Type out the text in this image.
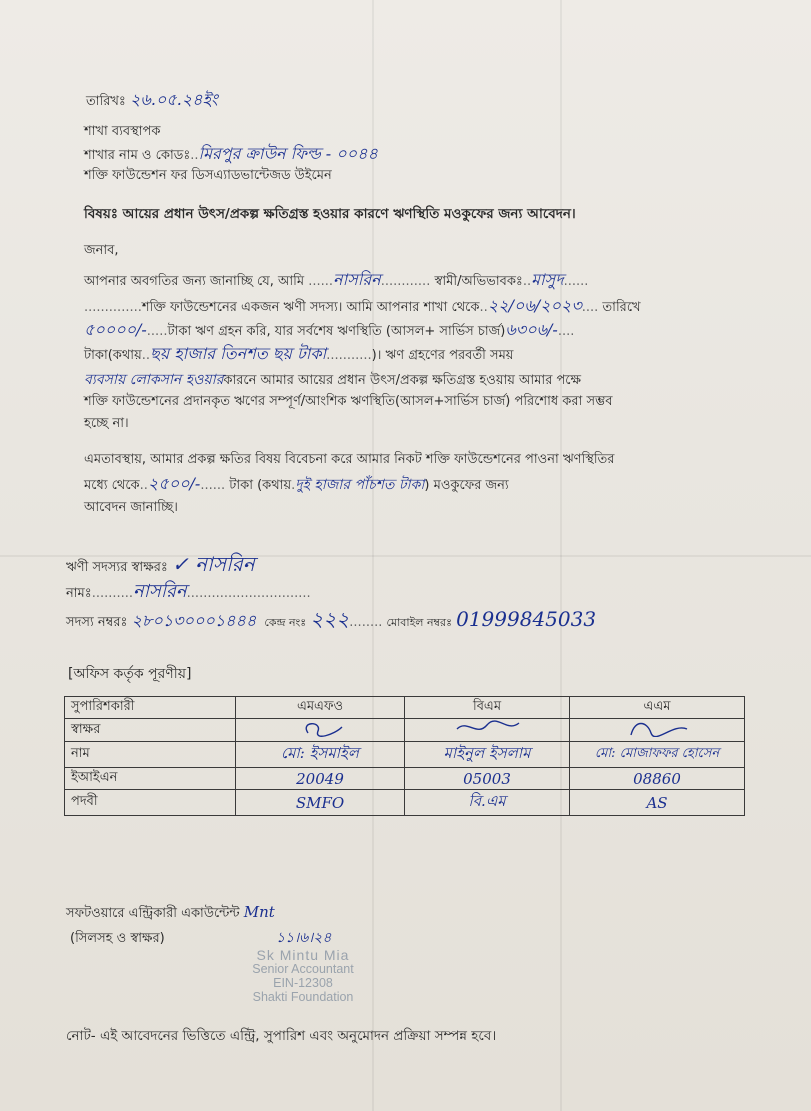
তারিখঃ ২৬.০৫.২৪ইং
শাখা ব্যবস্থাপক
শাখার নাম ও কোডঃ..মিরপুর ক্রাউন ফিল্ড - ০০৪৪
শক্তি ফাউন্ডেশন ফর ডিসএ্যাডভান্টেজড উইমেন
বিষয়ঃ আয়ের প্রধান উৎস/প্রকল্প ক্ষতিগ্রস্ত হওয়ার কারণে ঋণস্থিতি মওকুফের জন্য আবেদন।
জনাব,
আপনার অবগতির জন্য জানাচ্ছি যে, আমি ......নাসরিন............ স্বামী/অভিভাবকঃ..মাসুদ......
..............শক্তি ফাউন্ডেশনের একজন ঋণী সদস্য। আমি আপনার শাখা থেকে..২২/০৬/২০২৩.... তারিখে
৫০০০০/-.....টাকা ঋণ গ্রহন করি, যার সর্বশেষ ঋণস্থিতি (আসল+ সার্ভিস চার্জ)৬৩০৬/-....
টাকা(কথায়..ছয় হাজার তিনশত ছয় টাকা...........)। ঋণ গ্রহণের পরবর্তী সময়
ব্যবসায় লোকসান হওয়ারকারনে আমার আয়ের প্রধান উৎস/প্রকল্প ক্ষতিগ্রস্ত হওয়ায় আমার পক্ষে
শক্তি ফাউন্ডেশনের প্রদানকৃত ঋণের সম্পূর্ণ/আংশিক ঋণস্থিতি(আসল+সার্ভিস চার্জ) পরিশোধ করা সম্ভব
হচ্ছে না।
এমতাবস্থায়, আমার প্রকল্প ক্ষতির বিষয় বিবেচনা করে আমার নিকট শক্তি ফাউন্ডেশনের পাওনা ঋণস্থিতির
মধ্যে থেকে..২৫০০/-...... টাকা (কথায়.দুই হাজার পাঁচশত টাকা) মওকুফের জন্য
আবেদন জানাচ্ছি।
ঋণী সদস্যর স্বাক্ষরঃ ✓ নাসরিন
নামঃ..........নাসরিন..............................
সদস্য নম্বরঃ ২৮০১৩০০০১৪৪৪ কেন্দ্র নংঃ ২২২........ মোবাইল নম্বরঃ 01999845033
[অফিস কর্তৃক পূরণীয়]
সুপারিশকারী	এমএফও	বিএম	এএম
স্বাক্ষর			
নাম	মো: ইসমাইল	মাইনুল ইসলাম	মো: মোজাফফর হোসেন
ইআইএন	20049	05003	08860
পদবী	SMFO	বি.এম	AS
সফটওয়ারে এন্ট্রিকারী একাউন্টেন্ট Mnt
(সিলসহ ও স্বাক্ষর)	১১।৬।২৪
Sk Mintu Mia
Senior Accountant
EIN-12308
Shakti Foundation
নোট- এই আবেদনের ভিত্তিতে এন্ট্রি, সুপারিশ এবং অনুমোদন প্রক্রিয়া সম্পন্ন হবে।
